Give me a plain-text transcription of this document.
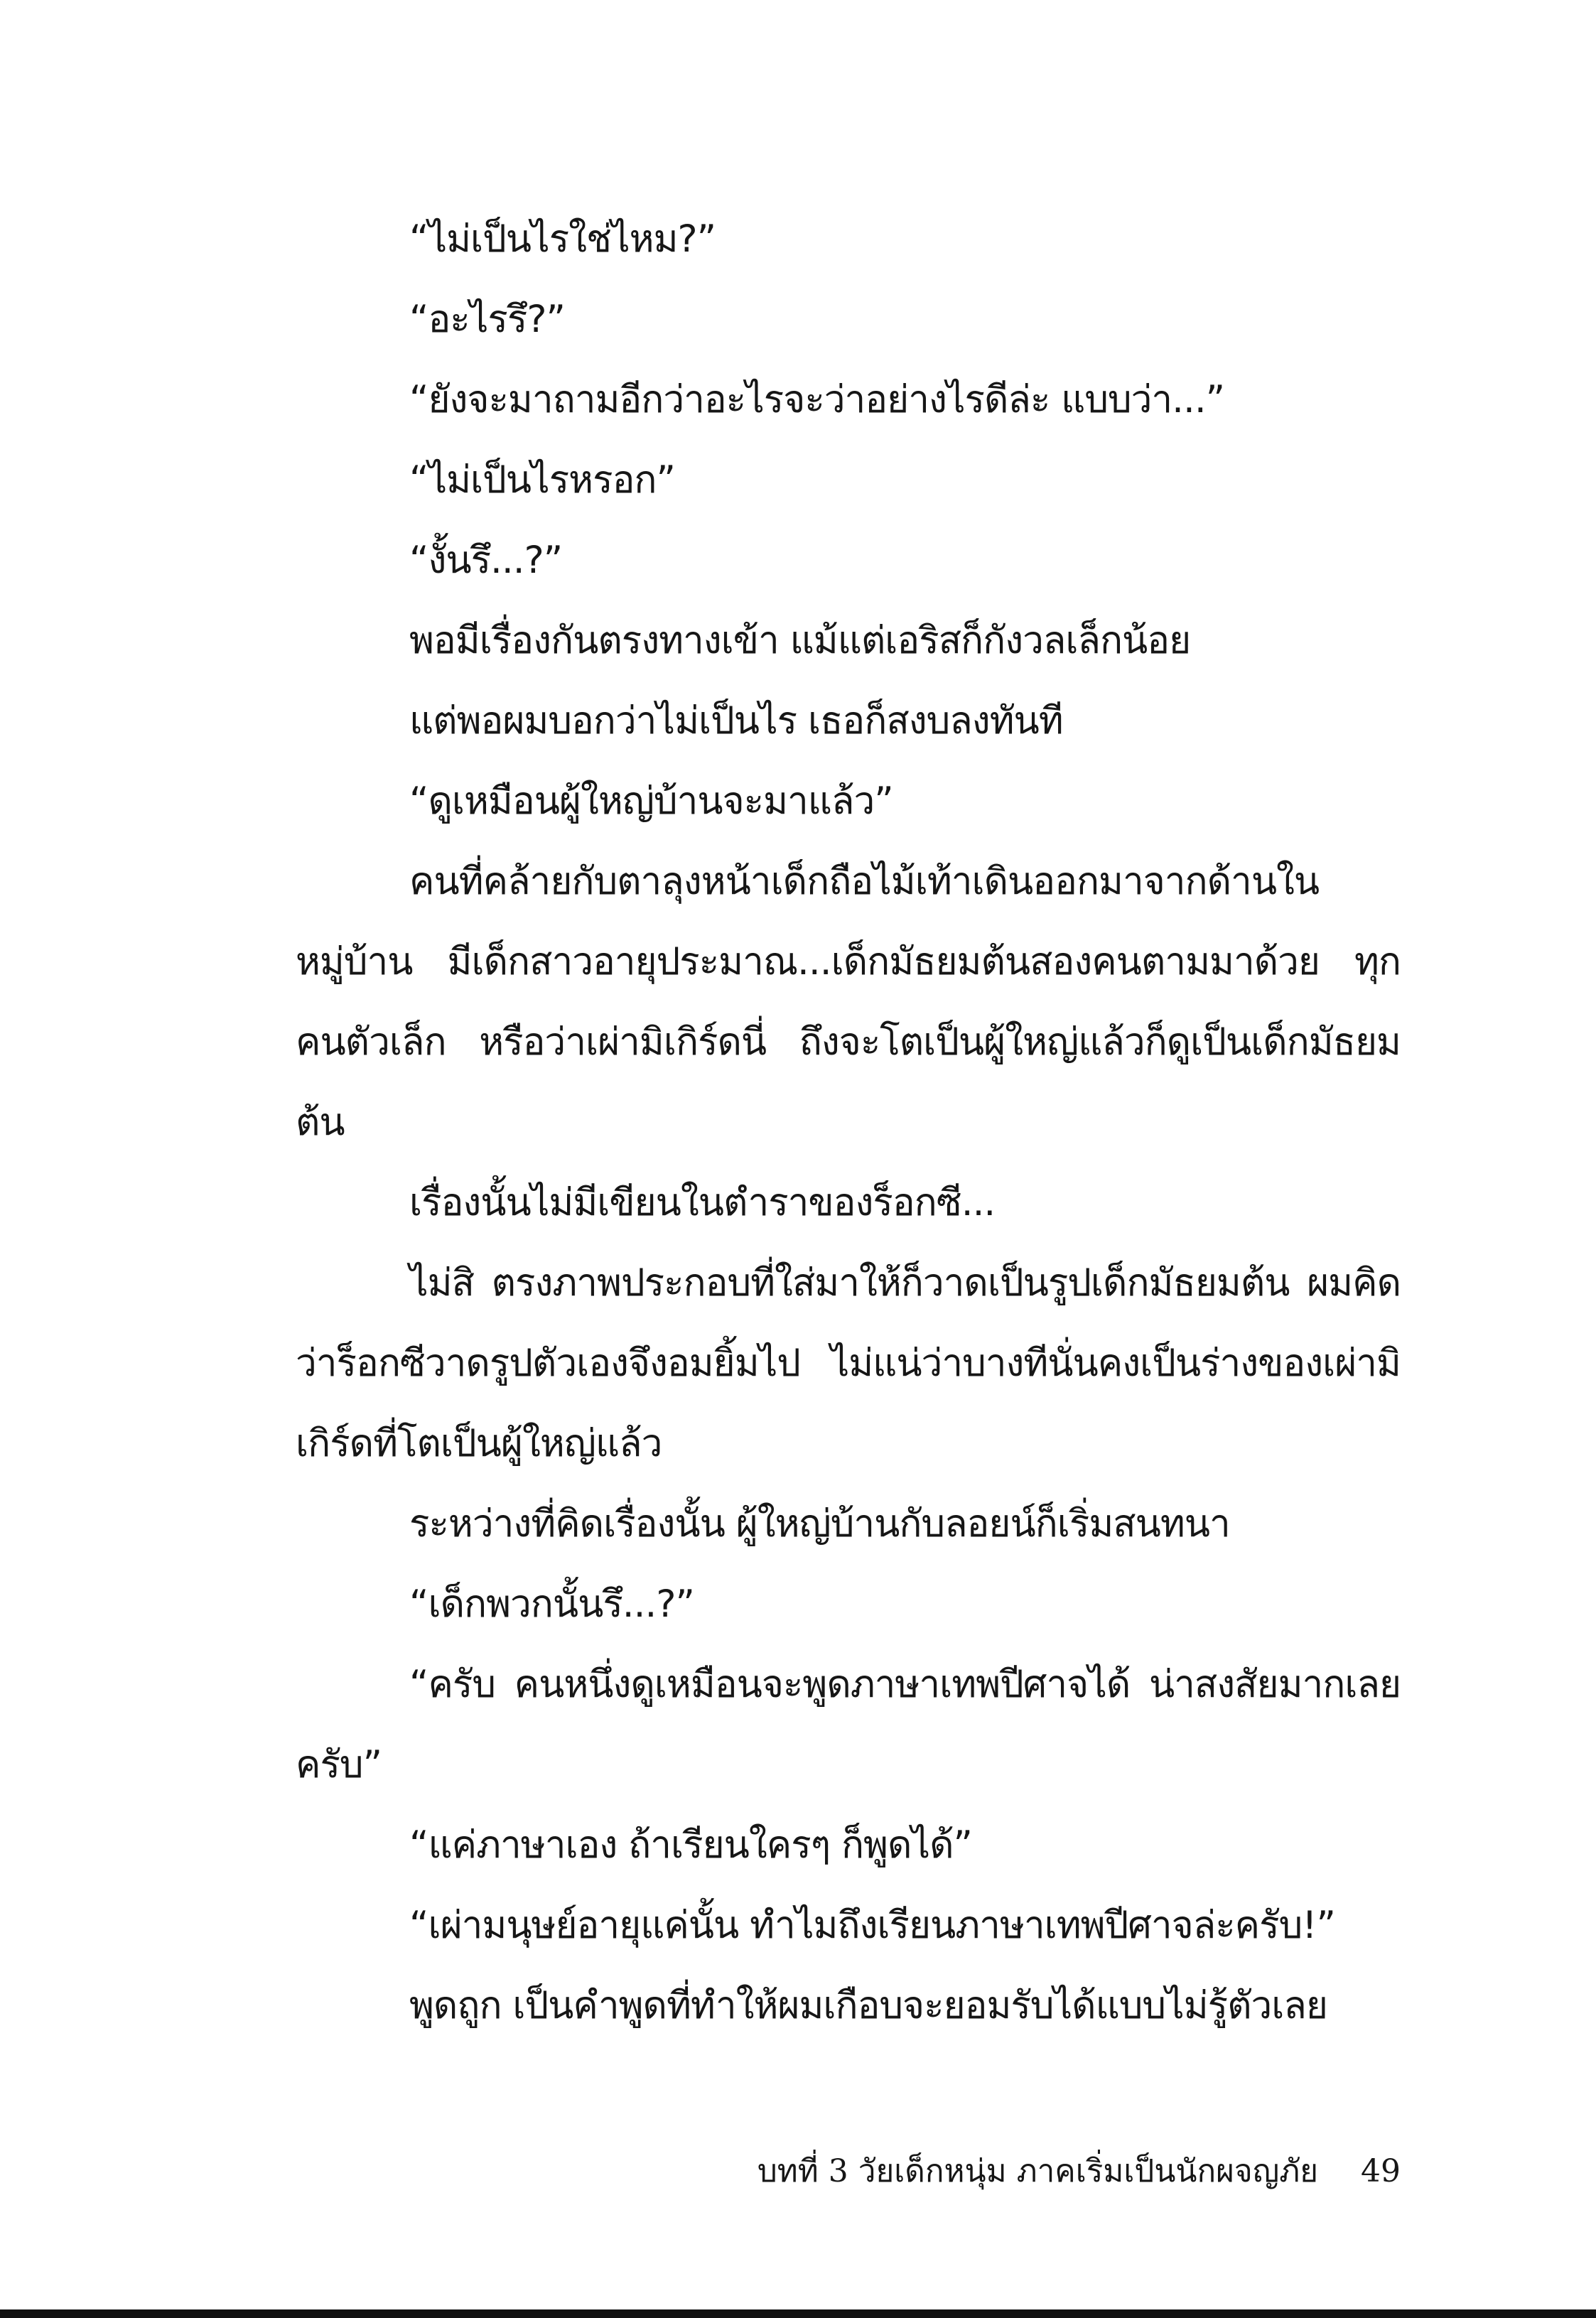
“ไม่เป็นไรใช่ไหม?”

“อะไรรึ?”

“ยังจะมาถามอีกว่าอะไรจะว่าอย่างไรดีล่ะ แบบว่า...”

“ไม่เป็นไรหรอก”

“งั้นรึ...?”

พอมีเรื่องกันตรงทางเข้า แม้แต่เอริสก็กังวลเล็กน้อย

แต่พอผมบอกว่าไม่เป็นไร เธอก็สงบลงทันที

“ดูเหมือนผู้ใหญ่บ้านจะมาแล้ว”

คนที่คล้ายกับตาลุงหน้าเด็กถือไม้เท้าเดินออกมาจากด้านในหมู่บ้าน มีเด็กสาวอายุประมาณ...เด็กมัธยมต้นสองคนตามมาด้วย ทุกคนตัวเล็ก หรือว่าเผ่ามิเกิร์ดนี่ ถึงจะโตเป็นผู้ใหญ่แล้วก็ดูเป็นเด็กมัธยมต้น

เรื่องนั้นไม่มีเขียนในตำราของร็อกซี...

ไม่สิ ตรงภาพประกอบที่ใส่มาให้ก็วาดเป็นรูปเด็กมัธยมต้น ผมคิดว่าร็อกซีวาดรูปตัวเองจึงอมยิ้มไป ไม่แน่ว่าบางทีนั่นคงเป็นร่างของเผ่ามิเกิร์ดที่โตเป็นผู้ใหญ่แล้ว

ระหว่างที่คิดเรื่องนั้น ผู้ใหญ่บ้านกับลอยน์ก็เริ่มสนทนา

“เด็กพวกนั้นรึ...?”

“ครับ คนหนึ่งดูเหมือนจะพูดภาษาเทพปีศาจได้ น่าสงสัยมากเลยครับ”

“แค่ภาษาเอง ถ้าเรียนใครๆ ก็พูดได้”

“เผ่ามนุษย์อายุแค่นั้น ทำไมถึงเรียนภาษาเทพปีศาจล่ะครับ!”

พูดถูก เป็นคำพูดที่ทำให้ผมเกือบจะยอมรับได้แบบไม่รู้ตัวเลย

บทที่ 3 วัยเด็กหนุ่ม ภาคเริ่มเป็นนักผจญภัย 49
